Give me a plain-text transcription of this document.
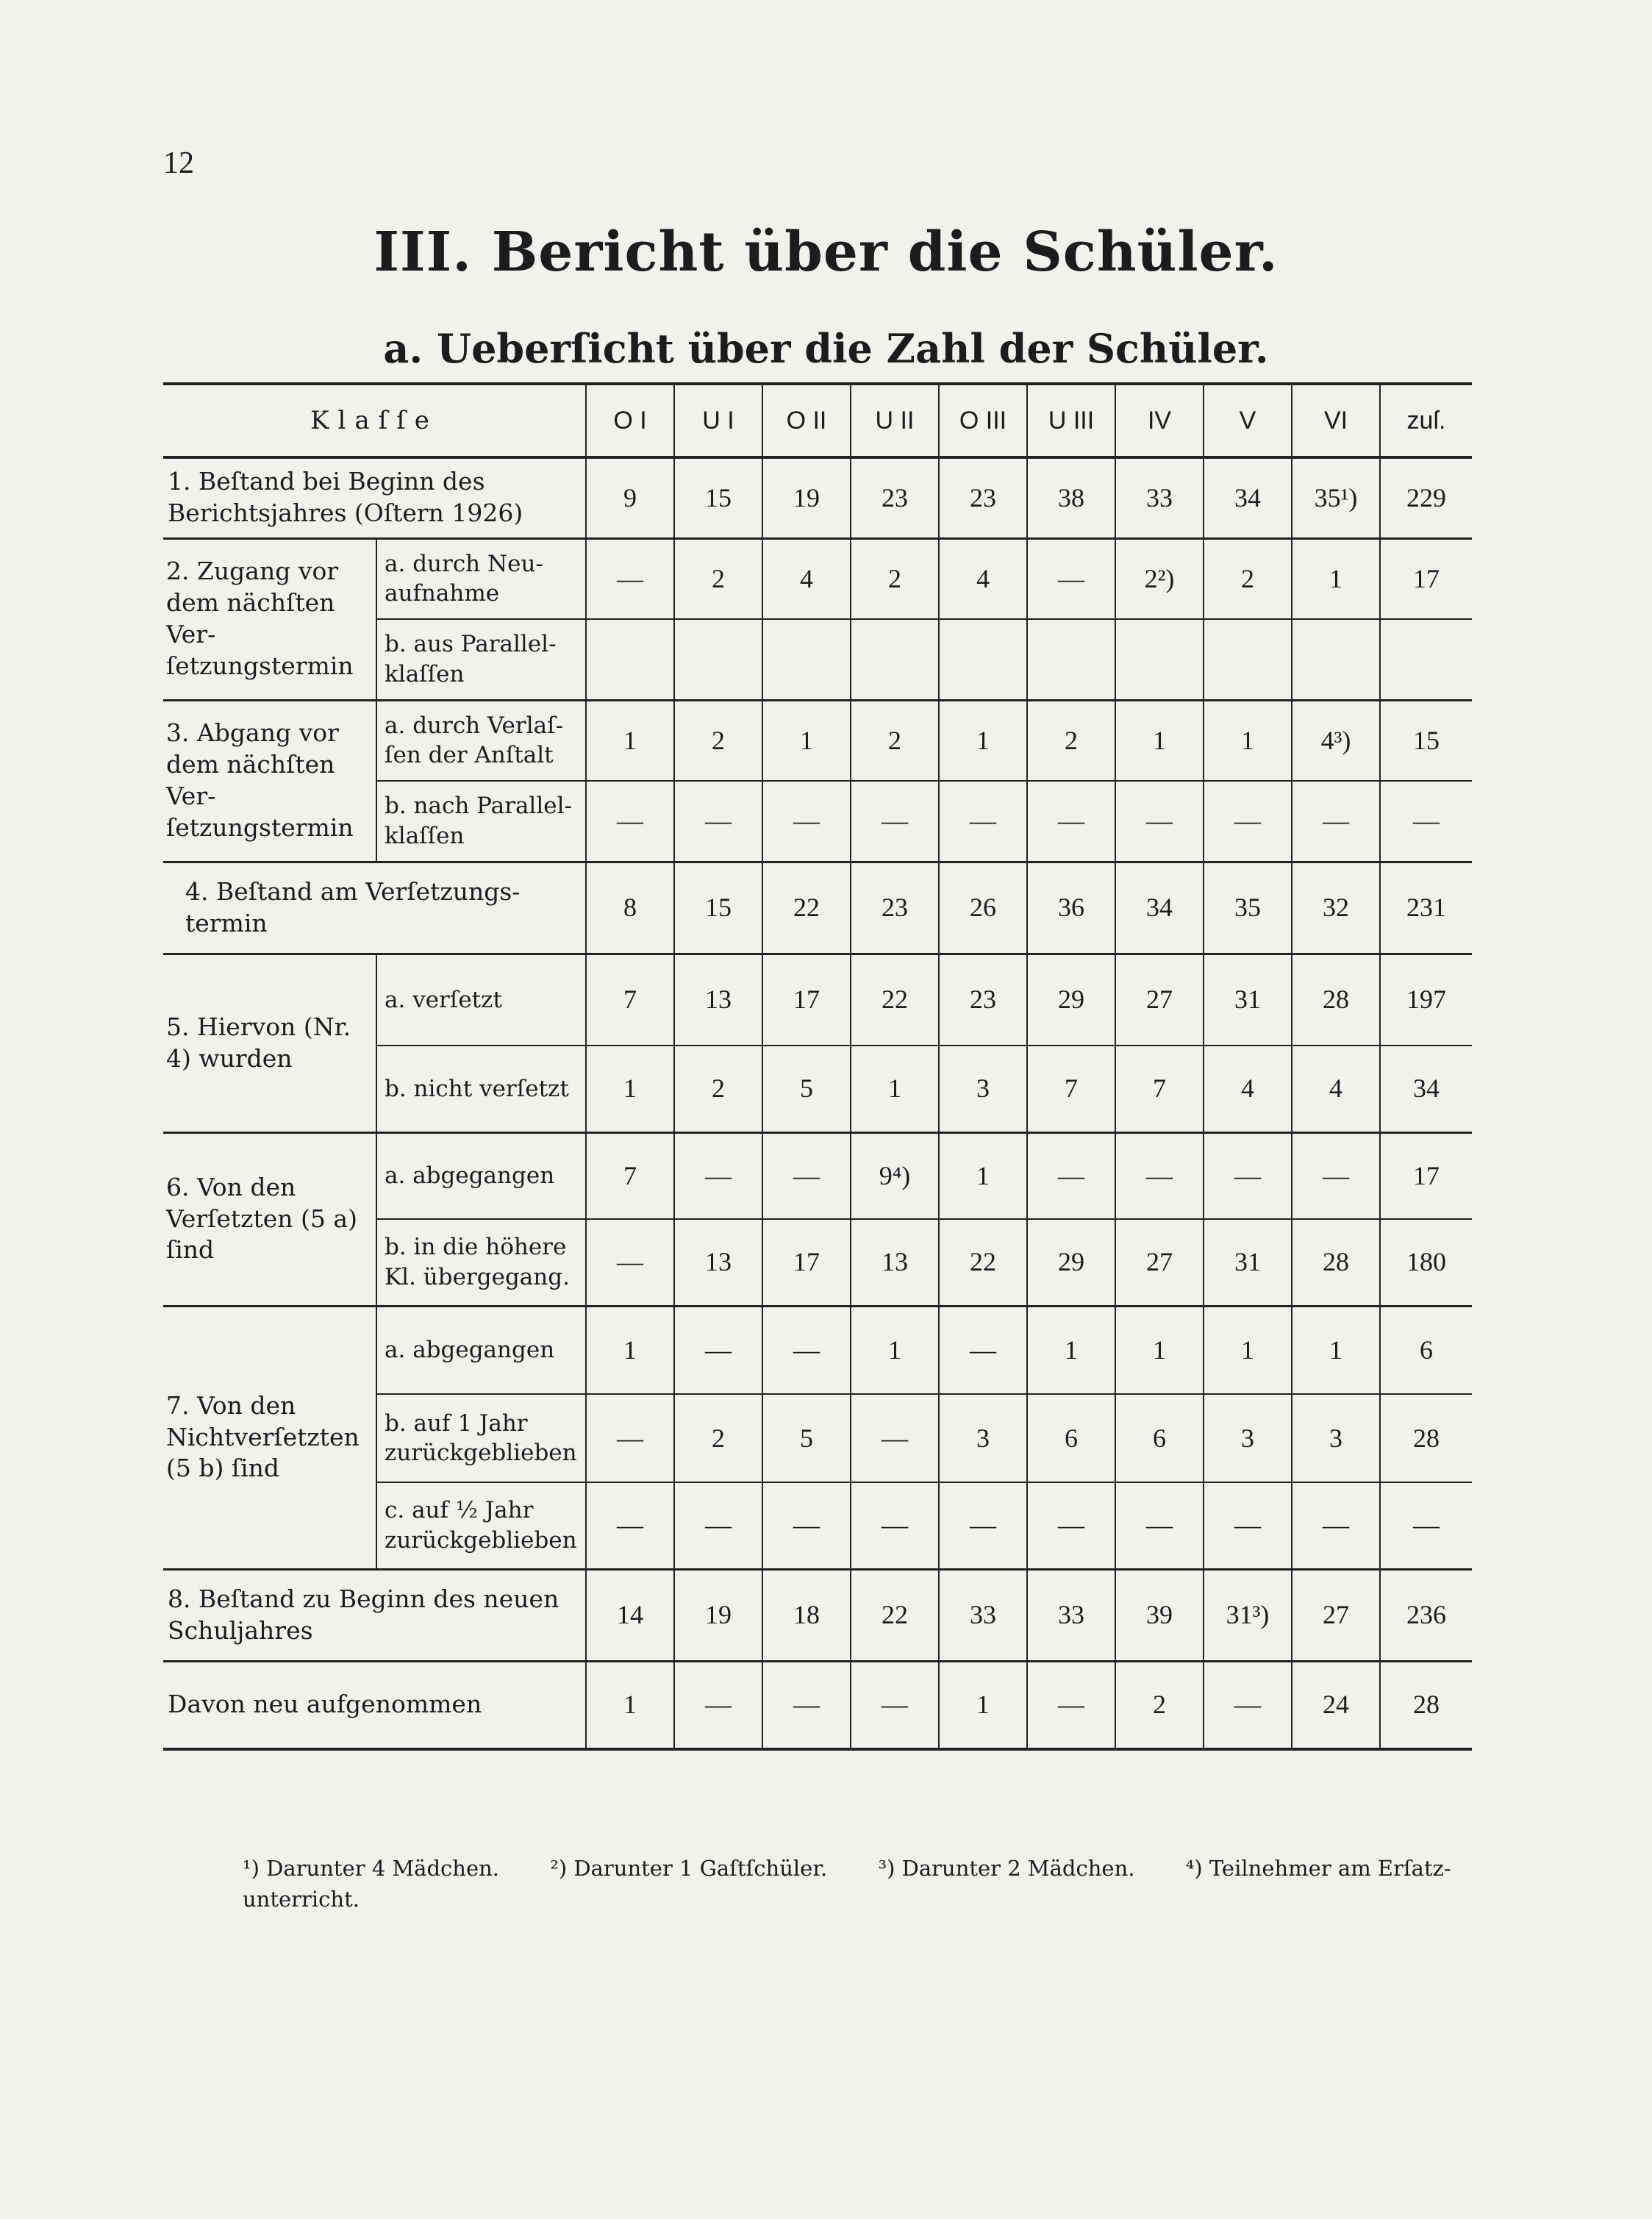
12
III. Bericht über die Schüler.
a. Ueberſicht über die Zahl der Schüler.
Klaſſe		O I	U I	O II	U II	O III	U III	IV	V	VI	zuſ.
1. Beſtand bei Beginn des Berichtsjahres (Oſtern 1926)		9	15	19	23	23	38	33	34	35¹)	229
2. Zugang vor dem nächſten Ver-ſetzungstermin	a. durch Neu-aufnahme	—	2	4	2	4	—	2²)	2	1	17
	b. aus Parallel-klaſſen										
3. Abgang vor dem nächſten Ver-ſetzungstermin	a. durch Verlaſ-ſen der Anſtalt	1	2	1	2	1	2	1	1	4³)	15
	b. nach Parallel-klaſſen	—	—	—	—	—	—	—	—	—	—
4. Beſtand am Verſetzungs-termin		8	15	22	23	26	36	34	35	32	231
5. Hiervon (Nr. 4) wurden	a. verſetzt	7	13	17	22	23	29	27	31	28	197
	b. nicht verſetzt	1	2	5	1	3	7	7	4	4	34
6. Von den Verſetzten (5 a) ſind	a. abgegangen	7	—	—	9⁴)	1	—	—	—	—	17
	b. in die höhere Kl. übergegang.	—	13	17	13	22	29	27	31	28	180
7. Von den Nichtverſetzten (5 b) ſind	a. abgegangen	1	—	—	1	—	1	1	1	1	6
	b. auf 1 Jahr zurückgeblieben	—	2	5	—	3	6	6	3	3	28
	c. auf ½ Jahr zurückgeblieben	—	—	—	—	—	—	—	—	—	—
8. Beſtand zu Beginn des neuen Schuljahres		14	19	18	22	33	33	39	31³)	27	236
Davon neu aufgenommen		1	—	—	—	1	—	2	—	24	28
¹) Darunter 4 Mädchen. ²) Darunter 1 Gaſtſchüler. ³) Darunter 2 Mädchen. ⁴) Teilnehmer am Erſatz-unterricht.
